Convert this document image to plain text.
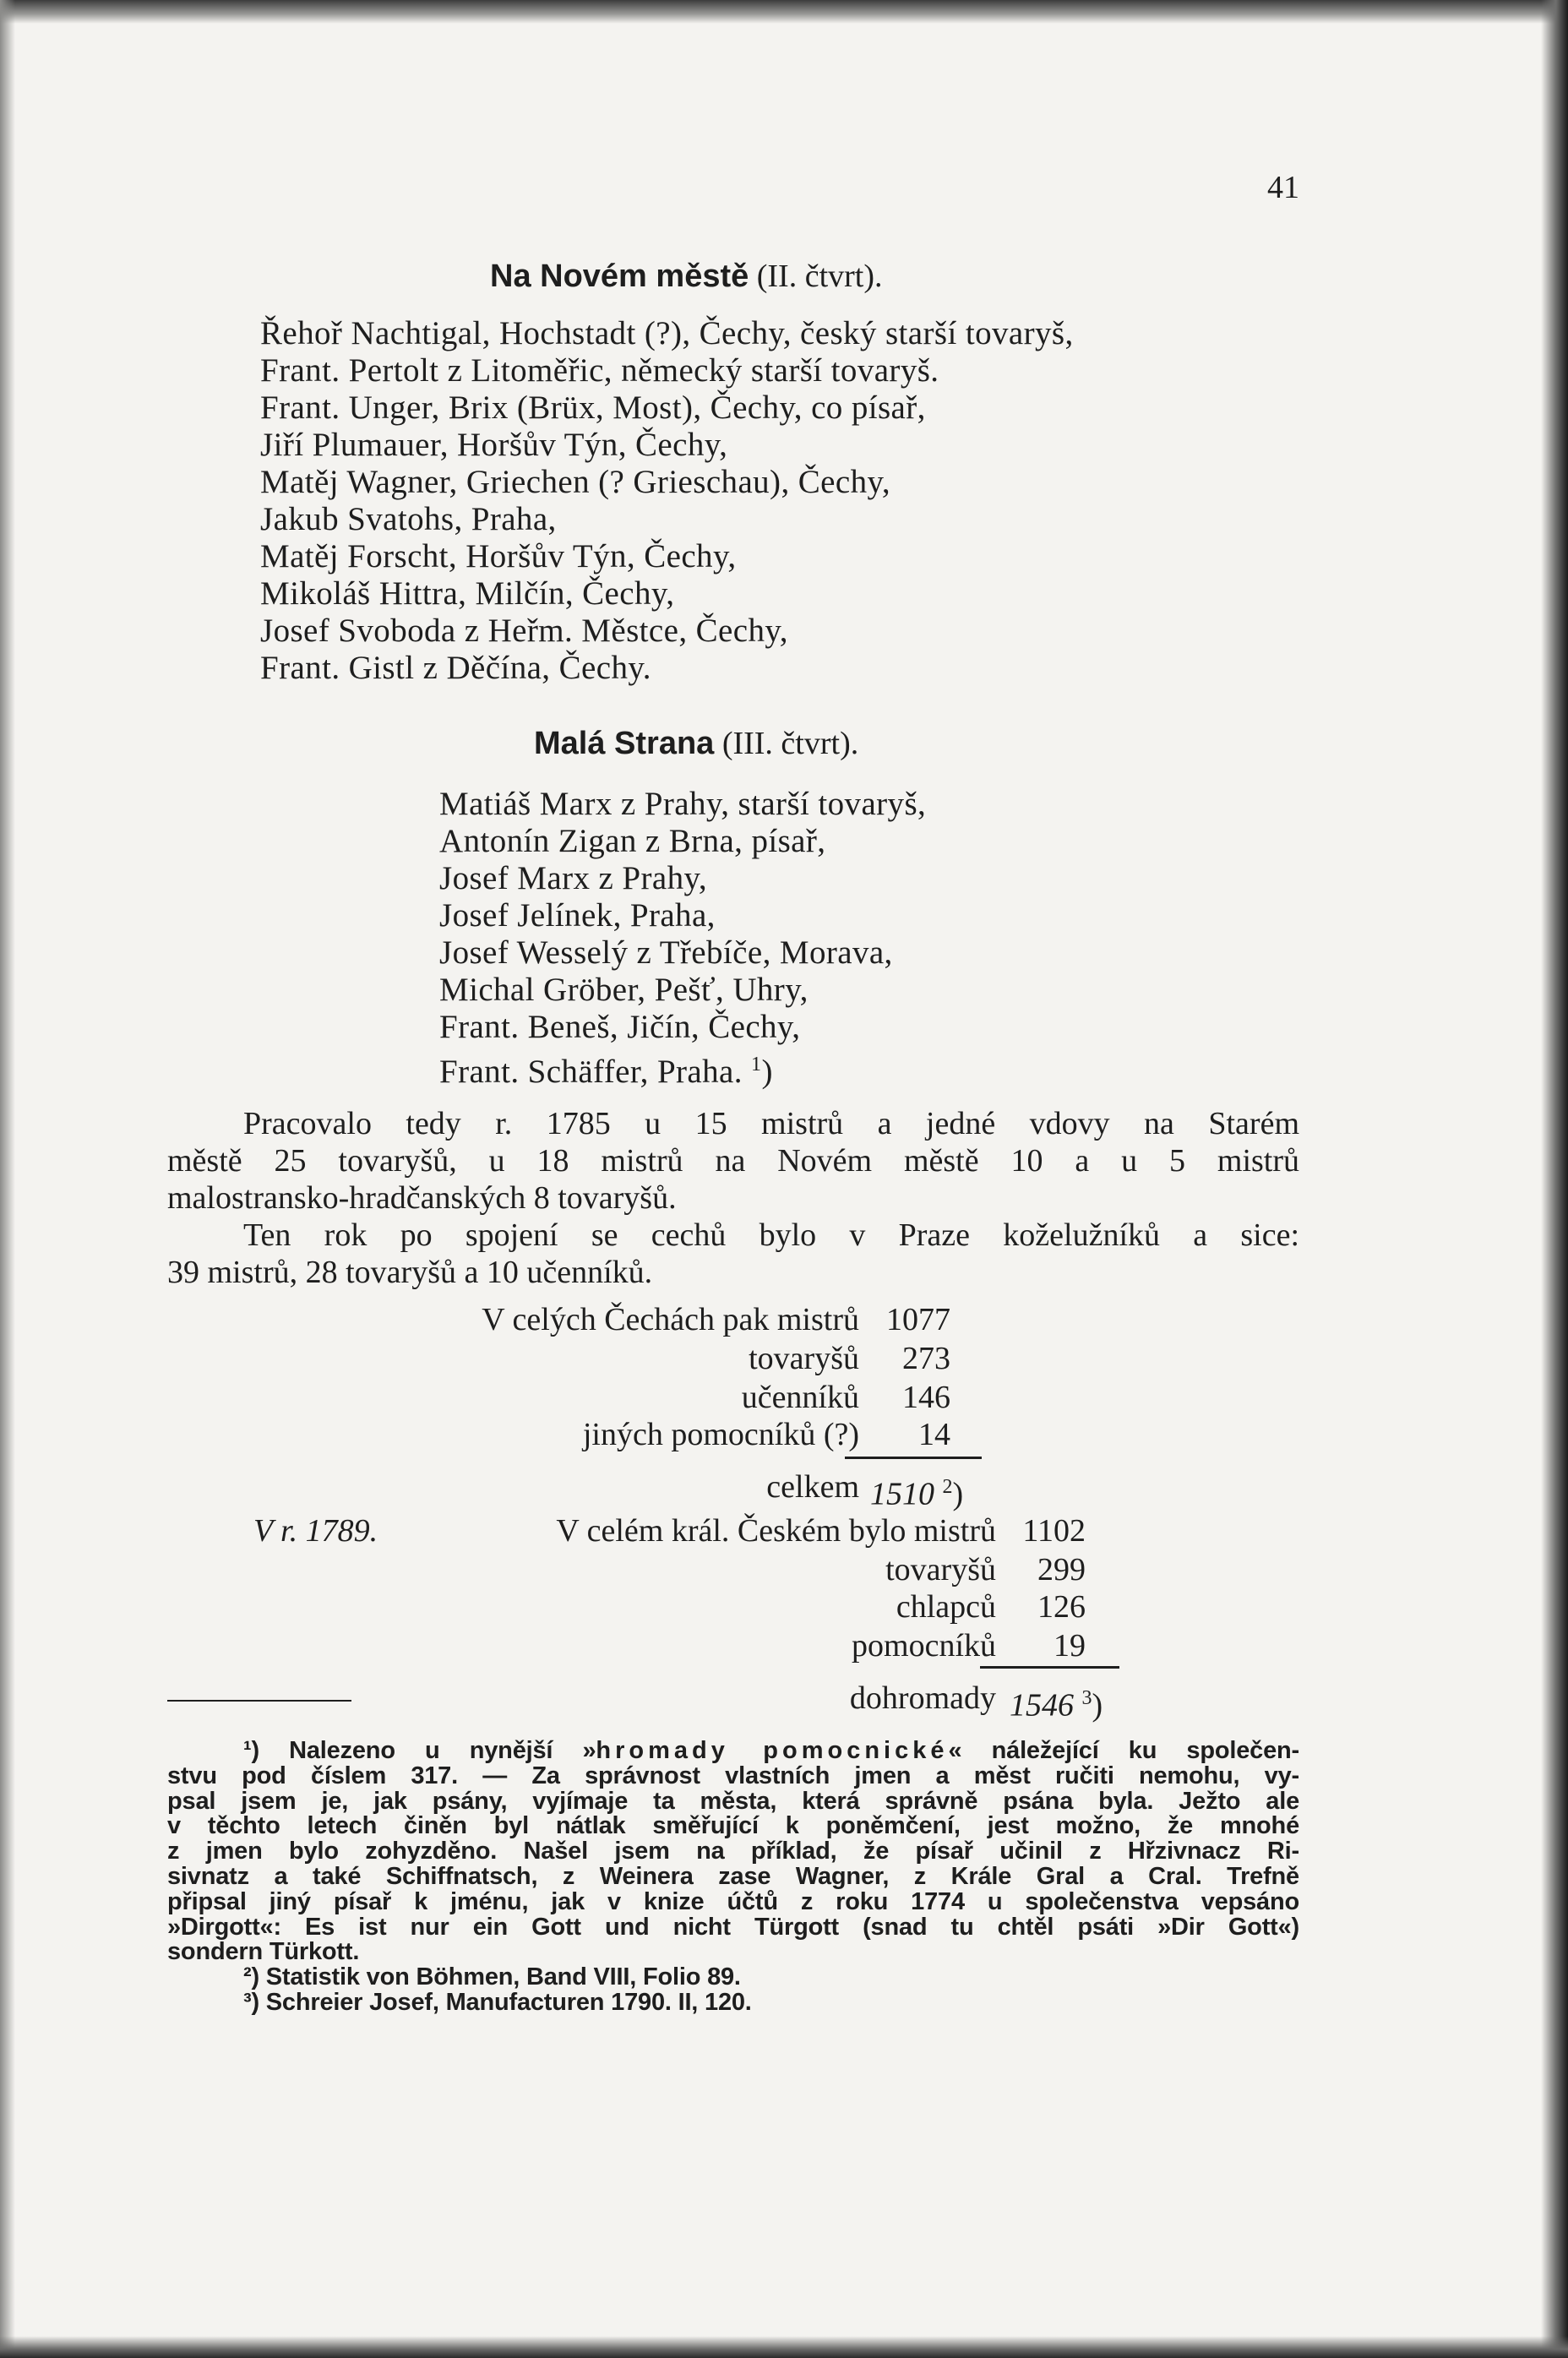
41
Na Novém městě (II. čtvrt).
Řehoř Nachtigal, Hochstadt (?), Čechy, český starší tovaryš,
Frant. Pertolt z Litoměřic, německý starší tovaryš.
Frant. Unger, Brix (Brüx, Most), Čechy, co písař,
Jiří Plumauer, Horšův Týn, Čechy,
Matěj Wagner, Griechen (? Grieschau), Čechy,
Jakub Svatohs, Praha,
Matěj Forscht, Horšův Týn, Čechy,
Mikoláš Hittra, Milčín, Čechy,
Josef Svoboda z Heřm. Městce, Čechy,
Frant. Gistl z Děčína, Čechy.
Malá Strana (III. čtvrt).
Matiáš Marx z Prahy, starší tovaryš,
Antonín Zigan z Brna, písař,
Josef Marx z Prahy,
Josef Jelínek, Praha,
Josef Wesselý z Třebíče, Morava,
Michal Gröber, Pešť, Uhry,
Frant. Beneš, Jičín, Čechy,
Frant. Schäffer, Praha. $^1$)
Pracovalo tedy r. 1785 u 15 mistrů a jedné vdovy na Starém
městě 25 tovaryšů, u 18 mistrů na Novém městě 10 a u 5 mistrů
malostransko-hradčanských 8 tovaryšů.
Ten rok po spojení se cechů bylo v Praze koželužníků a sice:
39 mistrů, 28 tovaryšů a 10 učenníků.
V celých Čechách pak mistrů 1077
tovaryšů	273
učenníků	146
jiných pomocníků (?)	14
celkem 1510 $^2$)
V r. 1789.	V celém král. Českém bylo mistrů 1102
tovaryšů	299
chlapců	126
pomocníků	19
dohromady 1546 $^3$)
¹) Nalezeno u nynější »hromady pomocnické« náležející ku společen-
stvu pod číslem 317. — Za správnost vlastních jmen a měst ručiti nemohu, vy-
psal jsem je, jak psány, vyjímaje ta města, která správně psána byla. Ježto ale
v těchto letech činěn byl nátlak směřující k poněmčení, jest možno, že mnohé
z jmen bylo zohyzděno. Našel jsem na příklad, že písař učinil z Hřzivnacz Ri-
sivnatz a také Schiffnatsch, z Weinera zase Wagner, z Krále Gral a Cral. Trefně
připsal jiný písař k jménu, jak v knize účtů z roku 1774 u společenstva vepsáno
»Dirgott«: Es ist nur ein Gott und nicht Türgott (snad tu chtěl psáti »Dir Gott«)
sondern Türkott.
²) Statistik von Böhmen, Band VIII, Folio 89.
³) Schreier Josef, Manufacturen 1790. II, 120.
